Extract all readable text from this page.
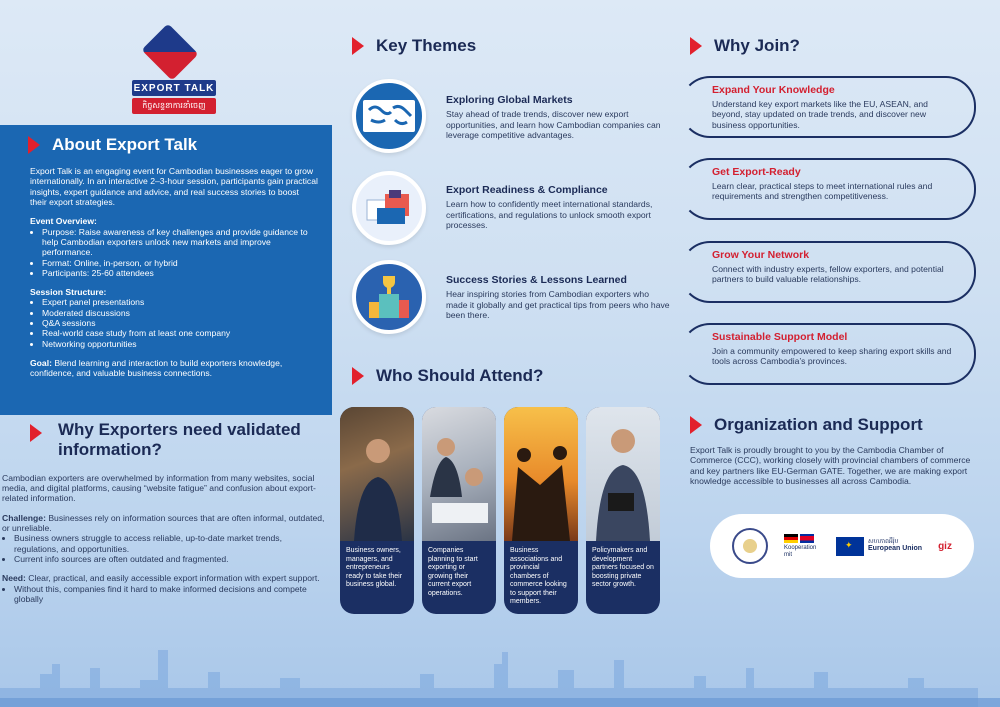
EXPORT TALK
កិច្ចសន្ទនាការនាំចេញ
About Export Talk

Export Talk is an engaging event for Cambodian businesses eager to grow internationally. In an interactive 2–3-hour session, participants gain practical insights, expert guidance and advice, and real success stories to boost their export strategies.

Event Overview:
• Purpose: Raise awareness of key challenges and provide guidance to help Cambodian exporters unlock new markets and improve performance.
• Format: Online, in-person, or hybrid
• Participants: 25-60 attendees
Session Structure:
• Expert panel presentations
• Moderated discussions
• Q&A sessions
• Real-world case study from at least one company
• Networking opportunities

Goal: Blend learning and interaction to build exporters knowledge, confidence, and valuable business connections.

Why Exporters need validated information?

Cambodian exporters are overwhelmed by information from many websites, social media, and digital platforms, causing “website fatigue” and confusion about export-related information.

Challenge: Businesses rely on information sources that are often informal, outdated, or unreliable.

• Business owners struggle to access reliable, up-to-date market trends, regulations, and opportunities.
• Current info sources are often outdated and fragmented.

Need: Clear, practical, and easily accessible export information with expert support.

• Without this, companies find it hard to make informed decisions and compete globally
Key Themes
Exploring Global Markets

Stay ahead of trade trends, discover new export opportunities, and learn how Cambodian companies can leverage competitive advantages.

Export Readiness & Compliance

Learn how to confidently meet international standards, certifications, and regulations to unlock smooth export processes.

Success Stories & Lessons Learned

Hear inspiring stories from Cambodian exporters who made it globally and get practical tips from peers who have been there.

Who Should Attend?
Business owners, managers, and entrepreneurs ready to take their business global.
Companies planning to start exporting or growing their current export operations.
Business associations and provincial chambers of commerce looking to support their members.
Policymakers and development partners focused on boosting private sector growth.
Why Join?
Expand Your Knowledge

Understand key export markets like the EU, ASEAN, and beyond, stay updated on trade trends, and discover new business opportunities.

Get Export-Ready

Learn clear, practical steps to meet international rules and requirements and strengthen competitiveness.

Grow Your Network

Connect with industry experts, fellow exporters, and potential partners to build valuable relationships.

Sustainable Support Model

Join a community empowered to keep sharing export skills and tools across Cambodia’s provinces.

Organization and Support

Export Talk is proudly brought to you by the Cambodia Chamber of Commerce (CCC), working closely with provincial chambers of commerce and key partners like EU-German GATE. Together, we are making export knowledge accessible to businesses all across Cambodia.

Kooperation mit
✦
សហភាពអឺរ៉ុប
European Union giz
